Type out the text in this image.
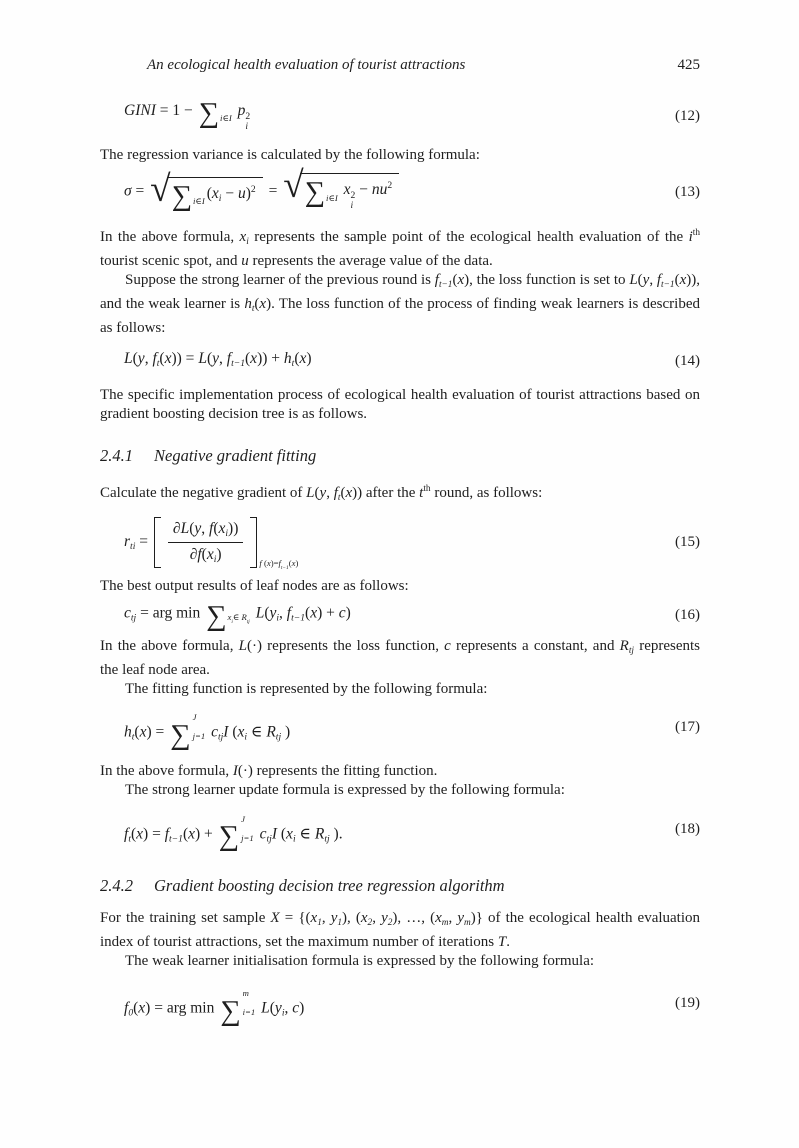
An ecological health evaluation of tourist attractions	425
GINI = 1 − ∑ i∈I p 2
i
(12)

The regression variance is calculated by the following formula:

σ = √ ∑ i∈I (xi − u)$^2$ = √ ∑ i∈I x 2
i
− $nu^2$	(13)

In the above formula, $x_i$ represents the sample point of the ecological health evaluation of the $i^{th}$ tourist scenic spot, and u represents the average value of the data.

Suppose the strong learner of the previous round is $f_{t-1}(x)$, the loss function is set to L(y, $f_{t-1}(x)$), and the weak learner is $h_t(x)$. The loss function of the process of finding weak learners is described as follows:

L(y, ft(x)) = L(y, ft−1(x)) + ht(x)	(14)

The specific implementation process of ecological health evaluation of tourist attractions based on gradient boosting decision tree is as follows.

2.4.1 Negative gradient fitting

Calculate the negative gradient of L(y, $f_t(x)$) after the $t^{th}$ round, as follows:

rti =
∂L(y, f(xi))
∂f(xi)
f $(x)=f_{t-1}(x)$
(15)

The best output results of leaf nodes are as follows:

ctj = arg min ∑ $x_i\in$ $R_{tj}$
L(yi, ft−1(x) + c)	(16)

In the above formula, L(·) represents the loss function, c represents a constant, and $R_{tj}$ represents the leaf node area.

The fitting function is represented by the following formula:

ht(x) = ∑
J
j=1 ctjI (xi ∈ Rtj )	(17)

In the above formula, I(·) represents the fitting function.

The strong learner update formula is expressed by the following formula:

ft(x) = ft−1(x) + ∑
J
j=1 ctjI (xi ∈ Rtj ).	(18)
2.4.2 Gradient boosting decision tree regression algorithm

For the training set sample $X = \{(x_1$, $y_1$), ($x_2$, $y_2$), …, ($x_m$, $y_m$)} of the ecological health evaluation index of tourist attractions, set the maximum number of iterations T.

The weak learner initialisation formula is expressed by the following formula:

f0(x) = arg min ∑
m
i=1 L(yi, c)	(19)
